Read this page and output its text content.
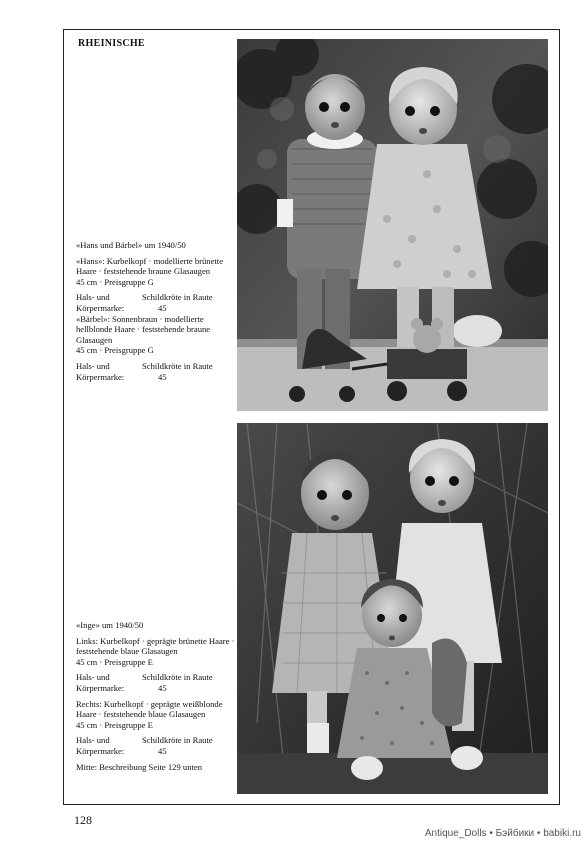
RHEINISCHE

«Hans und Bärbel» um 1940/50

«Hans»: Kurbelkopf · modellierte brünette Haare · feststehende braune Glasaugen

45 cm · Preisgruppe G

Hals- und	Schildkröte in Raute
Körpermarke:	45

«Bärbel»: Sonnenbraun · modellierte hellblonde Haare · feststehende braune Glasaugen

45 cm · Preisgruppe G

Hals- und	Schildkröte in Raute
Körpermarke:	45

«Inge» um 1940/50

Links: Kurbelkopf · geprägte brünette Haare · feststehende blaue Glasaugen

45 cm · Preisgruppe E

Hals- und	Schildkröte in Raute
Körpermarke:	45

Rechts: Kurbelkopf · geprägte weißblonde Haare · feststehende blaue Glasaugen

45 cm · Preisgruppe E

Hals- und	Schildkröte in Raute
Körpermarke:	45

Mitte: Beschreibung Seite 129 unten

128
Antique_Dolls • Бэйбики • babiki.ru
